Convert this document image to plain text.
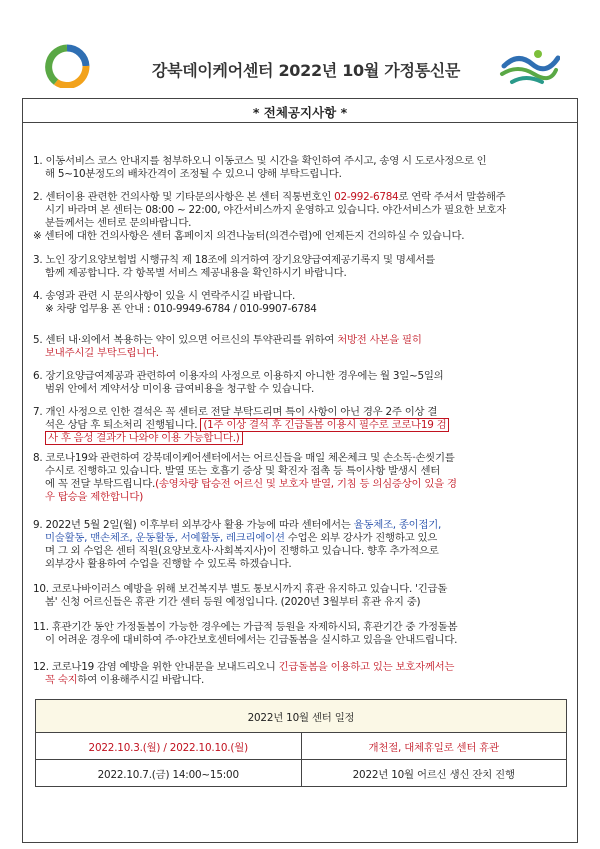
강북데이케어센터 2022년 10월 가정통신문
* 전체공지사항 *

1. 이동서비스 코스 안내지를 첨부하오니 이동코스 및 시간을 확인하여 주시고, 송영 시 도로사정으로 인

해 5~10분정도의 배차간격이 조정될 수 있으니 양해 부탁드립니다.

2. 센터이용 관련한 건의사항 및 기타문의사항은 본 센터 직통번호인 02-992-6784로 연락 주셔서 말씀해주

시기 바라며 본 센터는 08:00 ~ 22:00, 야간서비스까지 운영하고 있습니다. 야간서비스가 필요한 보호자

분들께서는 센터로 문의바랍니다.

※ 센터에 대한 건의사항은 센터 홈페이지 의견나눔터(의견수렴)에 언제든지 건의하실 수 있습니다.

3. 노인 장기요양보험법 시행규칙 제 18조에 의거하여 장기요양급여제공기록지 및 명세서를

함께 제공합니다. 각 항목별 서비스 제공내용을 확인하시기 바랍니다.

4. 송영과 관련 시 문의사항이 있을 시 연락주시길 바랍니다.

※ 차량 업무용 폰 안내 : 010-9949-6784 / 010-9907-6784

5. 센터 내·외에서 복용하는 약이 있으면 어르신의 투약관리를 위하여 처방전 사본을 필히

보내주시길 부탁드립니다.

6. 장기요양급여제공과 관련하여 이용자의 사정으로 이용하지 아니한 경우에는 월 3일~5일의

범위 안에서 계약서상 미이용 급여비용을 청구할 수 있습니다.

7. 개인 사정으로 인한 결석은 꼭 센터로 전달 부탁드리며 특이 사항이 아닌 경우 2주 이상 결

석은 상담 후 퇴소처리 진행됩니다. (1주 이상 결석 후 긴급돌봄 이용시 필수로 코로나19 검

사 후 음성 결과가 나와야 이용 가능합니다.)

8. 코로나19와 관련하여 강북데이케어센터에서는 어르신들을 매일 체온체크 및 손소독·손씻기를

수시로 진행하고 있습니다. 발열 또는 호흡기 증상 및 확진자 접촉 등 특이사항 발생시 센터

에 꼭 전달 부탁드립니다.(송영차량 탑승전 어르신 및 보호자 발열, 기침 등 의심증상이 있을 경

우 탑승을 제한합니다)

9. 2022년 5월 2일(월) 이후부터 외부강사 활용 가능에 따라 센터에서는 율동체조, 종이접기,

미술활동, 맨손체조, 운동활동, 서예활동, 레크리에이션 수업은 외부 강사가 진행하고 있으

며 그 외 수업은 센터 직원(요양보호사·사회복지사)이 진행하고 있습니다. 향후 추가적으로

외부강사 활용하여 수업을 진행할 수 있도록 하겠습니다.

10. 코로나바이러스 예방을 위해 보건복지부 별도 통보시까지 휴관 유지하고 있습니다. '긴급돌

봄' 신청 어르신들은 휴관 기간 센터 등원 예정입니다. (2020년 3월부터 휴관 유지 중)

11. 휴관기간 동안 가정돌봄이 가능한 경우에는 가급적 등원을 자제하시되, 휴관기간 중 가정돌봄

이 어려운 경우에 대비하여 주·야간보호센터에서는 긴급돌봄을 실시하고 있음을 안내드립니다.

12. 코로나19 감염 예방을 위한 안내문을 보내드리오니 긴급돌봄을 이용하고 있는 보호자께서는

꼭 숙지하여 이용해주시길 바랍니다.

2022년 10월 센터 일정	
2022.10.3.(월) / 2022.10.10.(월)	개천절, 대체휴일로 센터 휴관
2022.10.7.(금) 14:00~15:00	2022년 10월 어르신 생신 잔치 진행
